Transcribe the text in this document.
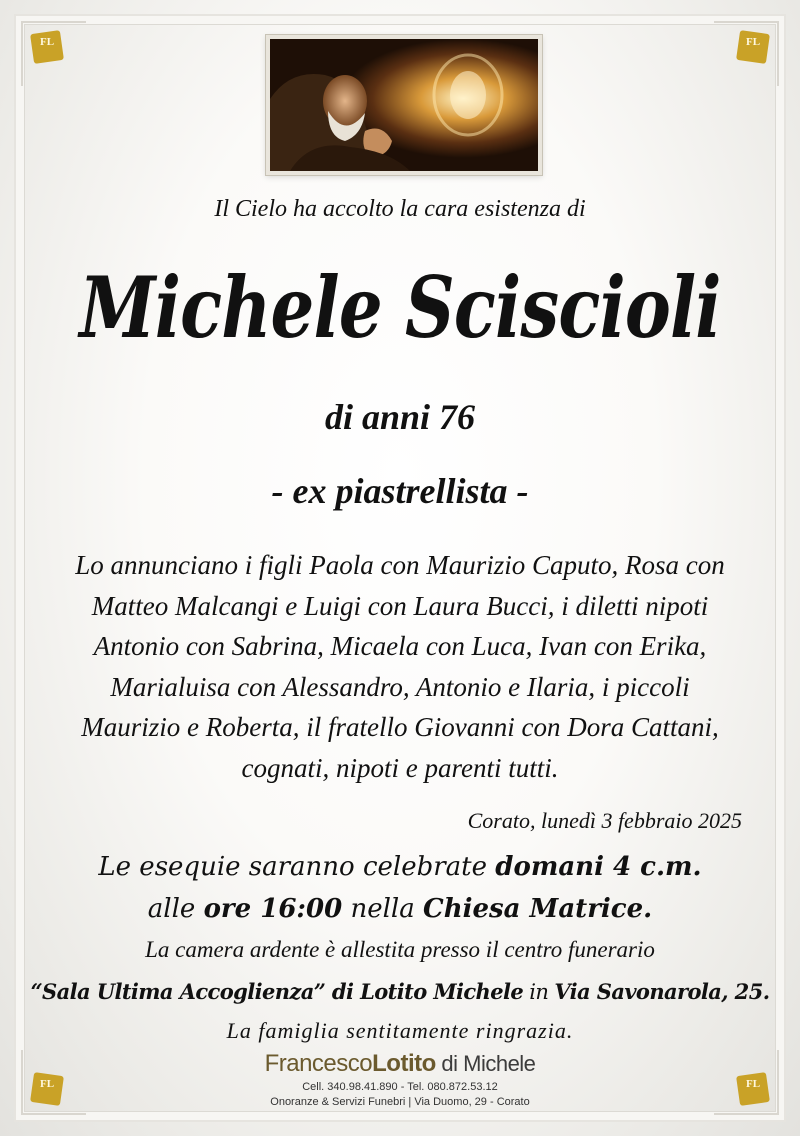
FL	FL
FL	FL
Il Cielo ha accolto la cara esistenza di
Michele Sciscioli
di anni 76
- ex piastrellista -
Lo annunciano i figli Paola con Maurizio Caputo, Rosa con
Matteo Malcangi e Luigi con Laura Bucci, i diletti nipoti
Antonio con Sabrina, Micaela con Luca, Ivan con Erika,
Marialuisa con Alessandro, Antonio e Ilaria, i piccoli
Maurizio e Roberta, il fratello Giovanni con Dora Cattani,
cognati, nipoti e parenti tutti.
Corato, lunedì 3 febbraio 2025
Le esequie saranno celebrate domani 4 c.m.
alle ore 16:00 nella Chiesa Matrice.
La camera ardente è allestita presso il centro funerario
“Sala Ultima Accoglienza” di Lotito Michele in Via Savonarola, 25.
La famiglia sentitamente ringrazia.
FrancescoLotito di Michele
Cell. 340.98.41.890 - Tel. 080.872.53.12
Onoranze & Servizi Funebri | Via Duomo, 29 - Corato
